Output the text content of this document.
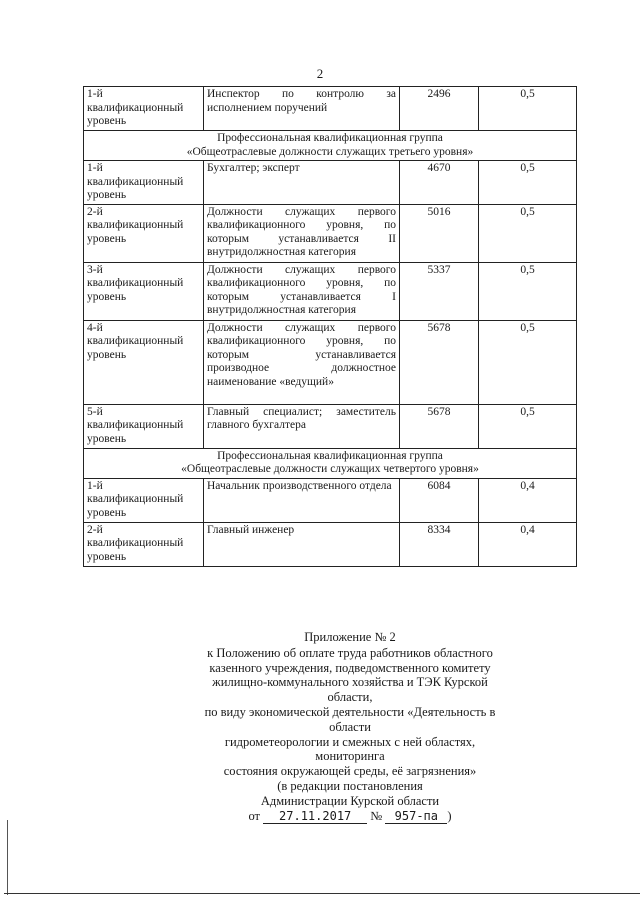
2
1-й квалификационный уровень	Инспектор по контролю за исполнением поручений	2496	0,5

Профессиональная квалификационная группа
«Общеотраслевые должности служащих третьего уровня»			

1-й квалификационный уровень	Бухгалтер; эксперт	4670	0,5
2-й квалификационный уровень	Должности служащих первого квалификационного уровня, по которым устанавливается II внутридолжностная категория	5016	0,5
3-й квалификационный уровень	Должности служащих первого квалификационного уровня, по которым устанавливается I внутридолжностная категория	5337	0,5
4-й квалификационный уровень	Должности служащих первого квалификационного уровня, по которым устанавливается производное должностное наименование «ведущий»	5678	0,5
5-й квалификационный уровень	Главный специалист; заместитель главного бухгалтера	5678	0,5

Профессиональная квалификационная группа
«Общеотраслевые должности служащих четвертого уровня»			

1-й квалификационный уровень	Начальник производственного отдела	6084	0,4
2-й квалификационный уровень	Главный инженер	8334	0,4
Приложение № 2
к Положению об оплате труда работников областного
казенного учреждения, подведомственного комитету
жилищно-коммунального хозяйства и ТЭК Курской области,
по виду экономической деятельности «Деятельность в области
гидрометеорологии и смежных с ней областях, мониторинга
состояния окружающей среды, её загрязнения»
(в редакции постановления
Администрации Курской области
от 27.11.2017 № 957-па )
